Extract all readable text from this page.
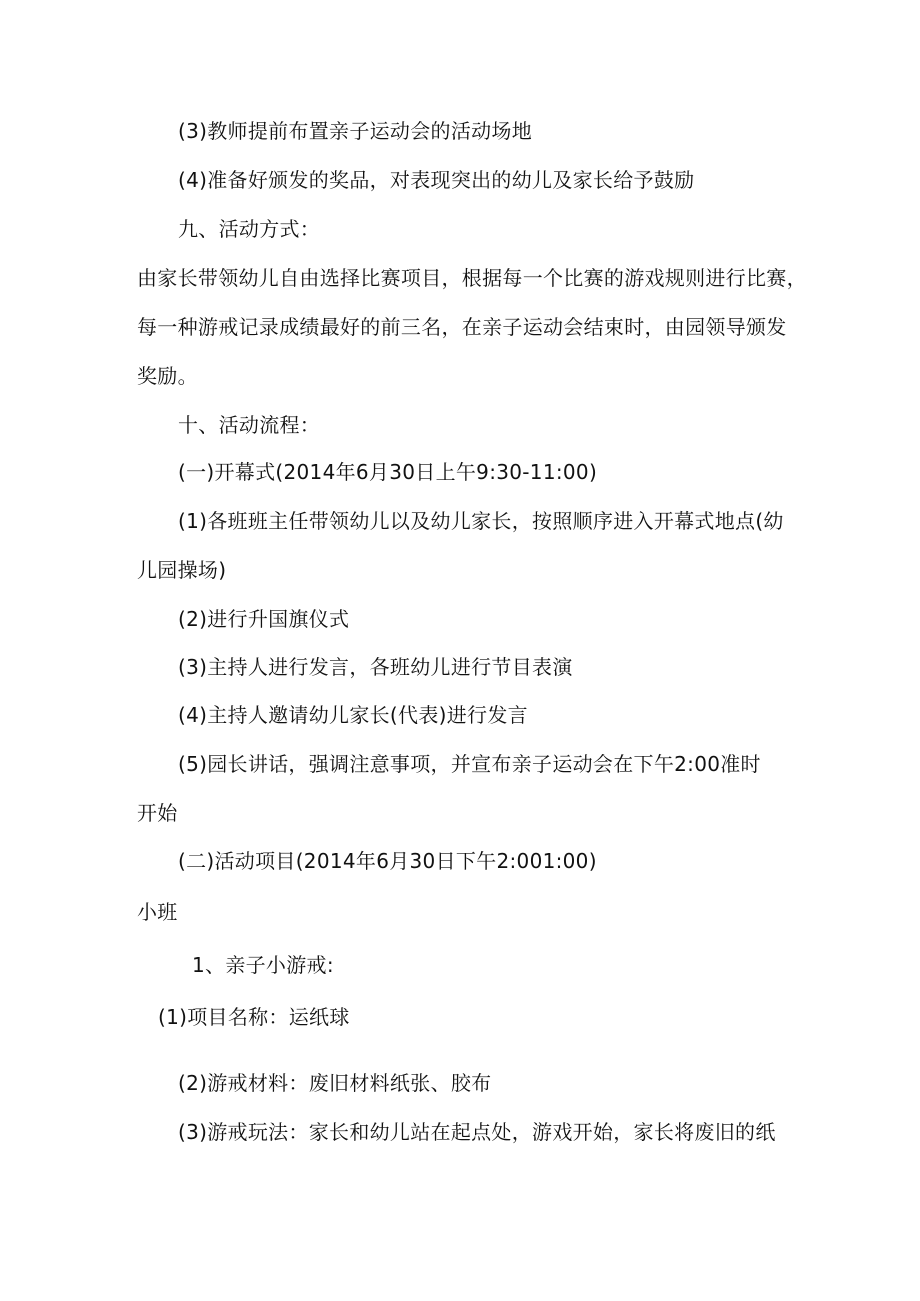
(3)教师提前布置亲子运动会的活动场地
(4)准备好颁发的奖品，对表现突出的幼儿及家长给予鼓励
九、活动方式：
由家长带领幼儿自由选择比赛项目，根据每一个比赛的游戏规则进行比赛，
每一种游戒记录成绩最好的前三名，在亲子运动会结束时，由园领导颁发
奖励。
十、活动流程：
(一)开幕式(2014年6月30日上午9:30-11:00)
(1)各班班主任带领幼儿以及幼儿家长，按照顺序进入开幕式地点(幼
儿园操场)
(2)进行升国旗仪式
(3)主持人进行发言，各班幼儿进行节目表演
(4)主持人邀请幼儿家长(代表)进行发言
(5)园长讲话，强调注意事项，并宣布亲子运动会在下午2:00准时
开始
(二)活动项目(2014年6月30日下午2:001:00)
小班
1、亲子小游戒:
(1)项目名称：运纸球
(2)游戒材料：废旧材料纸张、胶布
(3)游戒玩法：家长和幼儿站在起点处，游戏开始，家长将废旧的纸
